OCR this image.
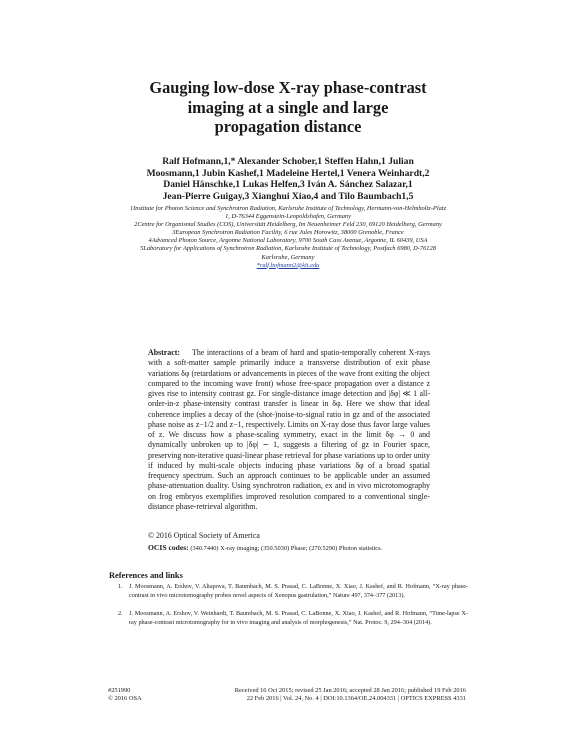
Gauging low-dose X-ray phase-contrast
imaging at a single and large
propagation distance
Ralf Hofmann,1,* Alexander Schober,1 Steffen Hahn,1 Julian
Moosmann,1 Jubin Kashef,1 Madeleine Hertel,1 Venera Weinhardt,2
Daniel Hänschke,1 Lukas Helfen,3 Iván A. Sánchez Salazar,1
Jean-Pierre Guigay,3 Xianghui Xiao,4 and Tilo Baumbach1,5
1Institute for Photon Science and Synchrotron Radiation, Karlsruhe Institute of Technology, Hermann-von-Helmholtz-Platz 1, D-76344 Eggenstein-Leopoldshafen, Germany
2Centre for Organismal Studies (COS), Universität Heidelberg, Im Neuenheimer Feld 230, 69120 Heidelberg, Germany
3European Synchrotron Radiation Facility, 6 rue Jules Horowitz, 38000 Grenoble, France
4Advanced Photon Source, Argonne National Laboratory, 9700 South Cass Avenue, Argonne, IL 60439, USA
5Laboratory for Applications of Synchrotron Radiation, Karlsruhe Institute of Technology, Postfach 6980, D-76128 Karlsruhe, Germany
*ralf.hofmann2@kit.edu
Abstract: The interactions of a beam of hard and spatio-temporally coherent X-rays with a soft-matter sample primarily induce a transverse distribution of exit phase variations δφ (retardations or advancements in pieces of the wave front exiting the object compared to the incoming wave front) whose free-space propagation over a distance z gives rise to intensity contrast gz. For single-distance image detection and |δφ| ≪ 1 all-order-in-z phase-intensity contrast transfer is linear in δφ. Here we show that ideal coherence implies a decay of the (shot-)noise-to-signal ratio in gz and of the associated phase noise as z−1/2 and z−1, respectively. Limits on X-ray dose thus favor large values of z. We discuss how a phase-scaling symmetry, exact in the limit δφ → 0 and dynamically unbroken up to |δφ| ∼ 1, suggests a filtering of gz in Fourier space, preserving non-iterative quasi-linear phase retrieval for phase variations up to order unity if induced by multi-scale objects inducing phase variations δφ of a broad spatial frequency spectrum. Such an approach continues to be applicable under an assumed phase-attenuation duality. Using synchrotron radiation, ex and in vivo microtomography on frog embryos exemplifies improved resolution compared to a conventional single-distance phase-retrieval algorithm.
© 2016 Optical Society of America
OCIS codes: (340.7440) X-ray imaging; (350.5030) Phase; (270.5290) Photon statistics.
References and links
1.	J. Moosmann, A. Ershov, V. Altapova, T. Baumbach, M. S. Prasad, C. LaBonne, X. Xiao, J. Kashef, and R. Hofmann, “X-ray phase-contrast in vivo microtomography probes novel aspects of Xenopus gastrulation,” Nature 497, 374–377 (2013).
2.	J. Moosmann, A. Ershov, V. Weinhardt, T. Baumbach, M. S. Prasad, C. LaBonne, X. Xiao, J. Kashef, and R. Hofmann, “Time-lapse X-ray phase-contrast microtomography for in vivo imaging and analysis of morphogenesis,” Nat. Protoc. 9, 294–304 (2014).
#251990
© 2016 OSA
Received 16 Oct 2015; revised 25 Jan 2016; accepted 28 Jan 2016; published 19 Feb 2016
22 Feb 2016 | Vol. 24, No. 4 | DOI:10.1364/OE.24.004331 | OPTICS EXPRESS 4331
